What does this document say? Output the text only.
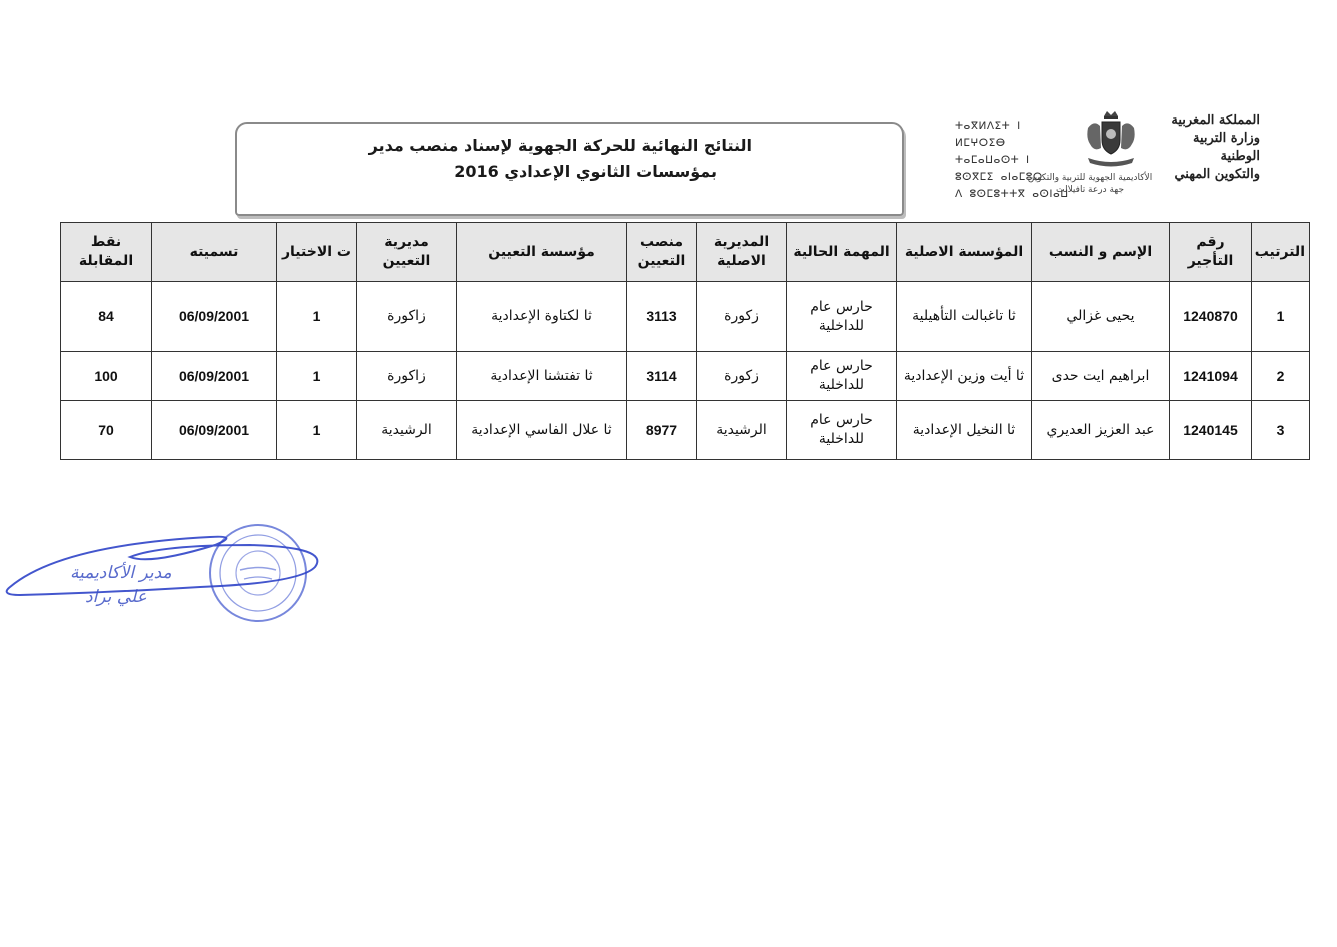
المملكة المغربية
وزارة التربية الوطنية
والتكوين المهني
ⵜⴰⴳⵍⴷⵉⵜ ⵏ ⵍⵎⵖⵔⵉⴱ
ⵜⴰⵎⴰⵡⴰⵙⵜ ⵏ ⵓⵙⴳⵎⵉ ⴰⵏⴰⵎⵓⵔ
ⴷ ⵓⵙⵎⵓⵜⵜⴳ ⴰⵙⵏⴰⵡ
الأكاديمية الجهوية للتربية والتكوين
جهة درعة تافيلالت
النتائج النهائية للحركة الجهوية لإسناد منصب مدير
بمؤسسات الثانوي الإعدادي 2016
الترتيب	رقم التأجير	الإسم و النسب	المؤسسة الاصلية	المهمة الحالية	المديرية الاصلية	منصب التعيين	مؤسسة التعيين	مديرية التعيين	ت الاختيار	تسميته	نقط المقابلة
1	1240870	يحيى غزالي	ثا تاغبالت التأهيلية	حارس عام للداخلية	زكورة	3113	ثا لكتاوة الإعدادية	زاكورة	1	06/09/2001	84
2	1241094	ابراهيم ايت حدى	ثا أيت وزين الإعدادية	حارس عام للداخلية	زكورة	3114	ثا تفتشنا الإعدادية	زاكورة	1	06/09/2001	100
3	1240145	عبد العزيز العديري	ثا النخيل الإعدادية	حارس عام للداخلية	الرشيدية	8977	ثا علال الفاسي الإعدادية	الرشيدية	1	06/09/2001	70
مدير الأكاديمية
علي براد
